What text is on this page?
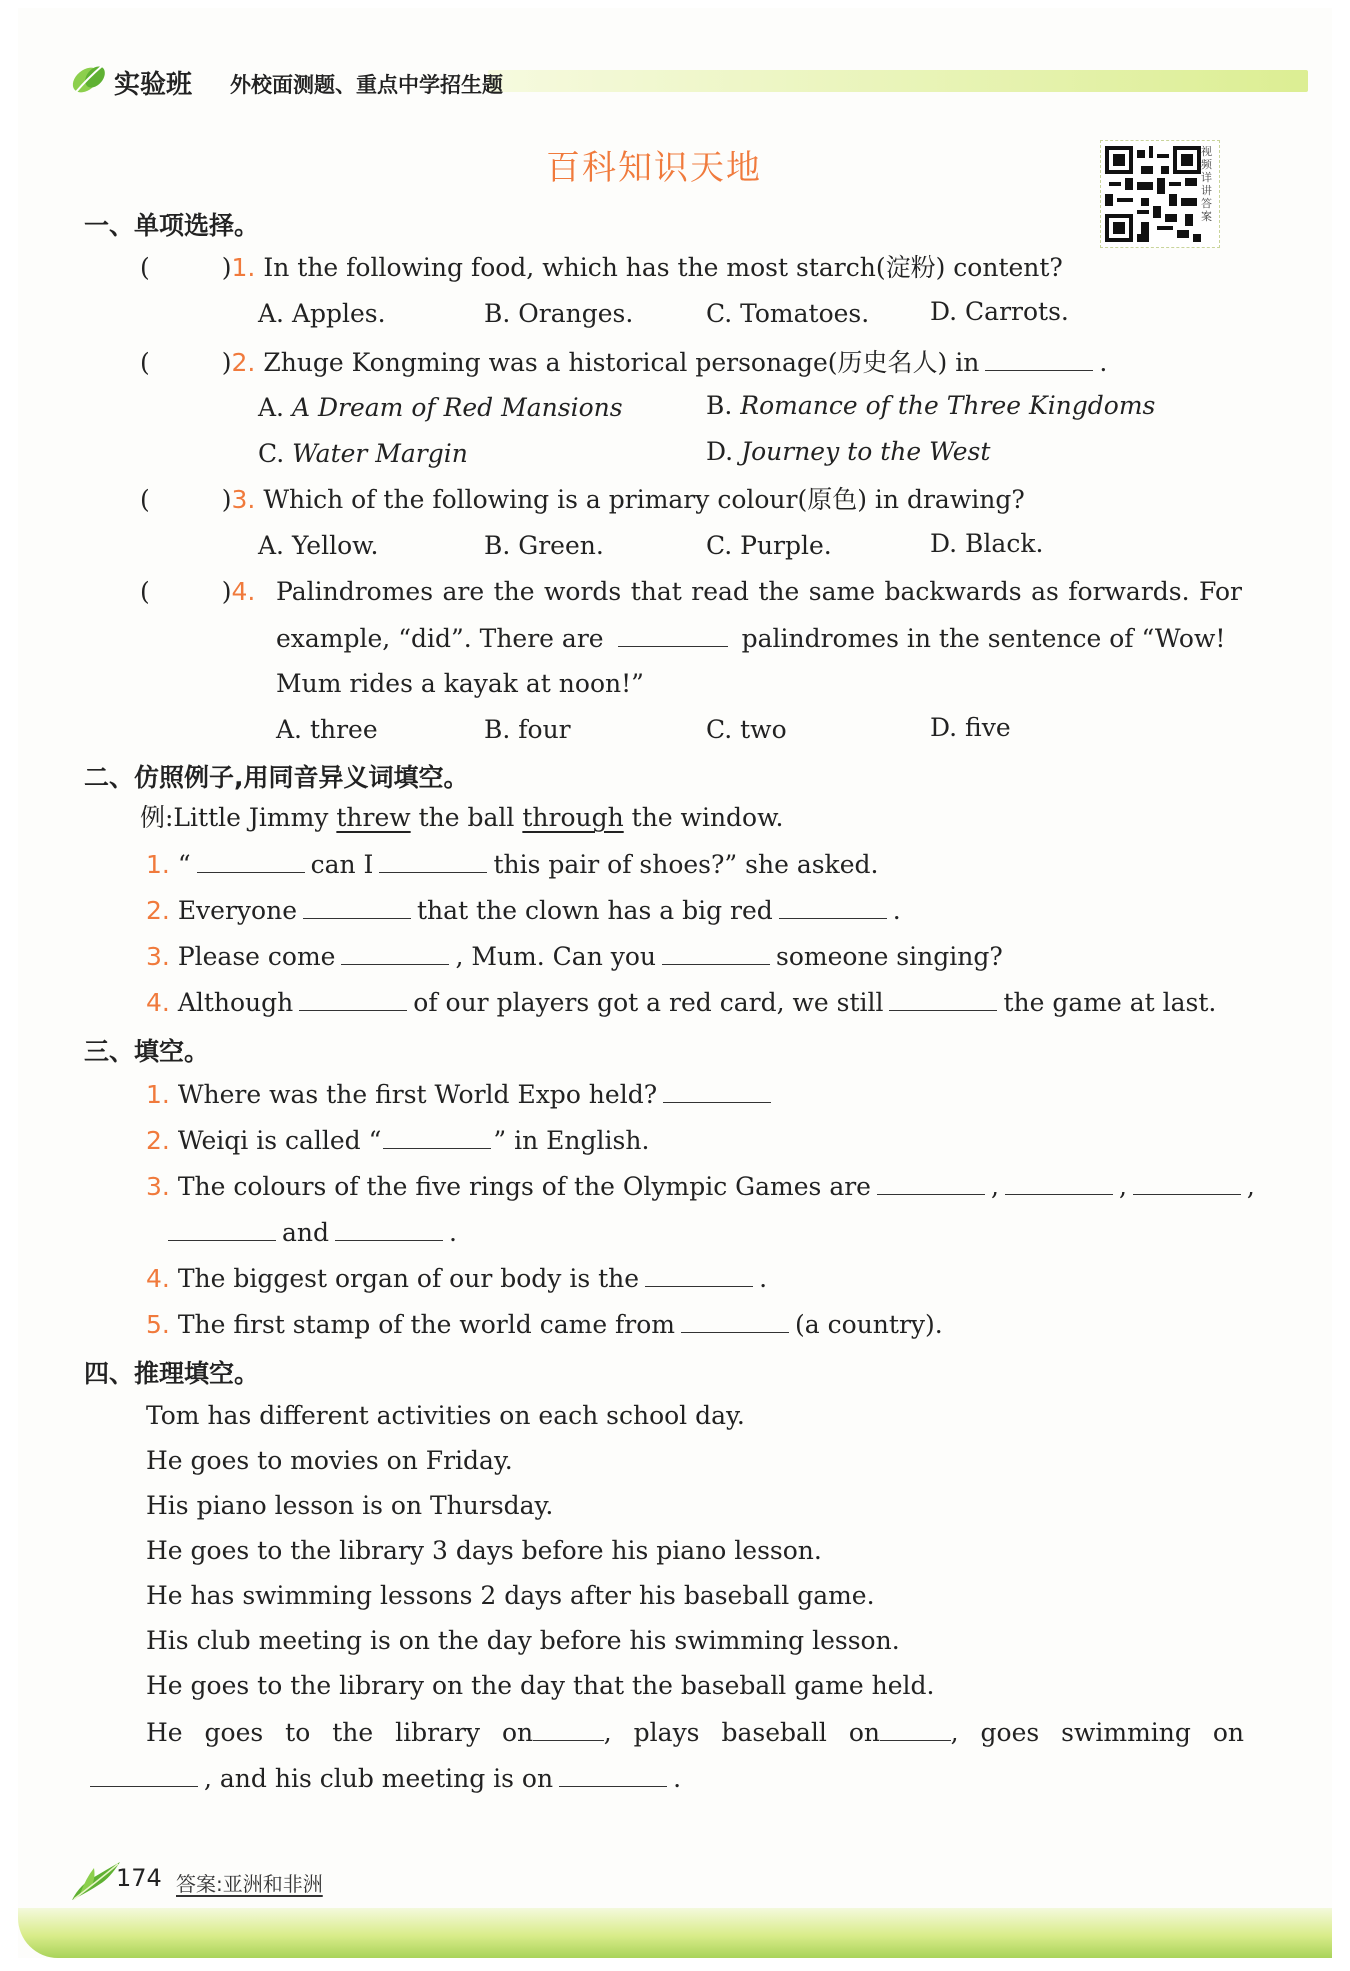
实验班 外校面测题、重点中学招生题
百科知识天地	视频详讲答案
一、单项选择。
(	)1. In the following food, which has the most starch(淀粉) content?
A. Apples.	B. Oranges.	C. Tomatoes. D. Carrots.
(	)2. Zhuge Kongming was a historical personage(历史名人) in	.
A. A Dream of Red Mansions	B. Romance of the Three Kingdoms
C. Water Margin	D. Journey to the West
(	)3. Which of the following is a primary colour(原色) in drawing?
A. Yellow.	B. Green.	C. Purple.	D. Black.
(	)4. Palindromes are the words that read the same backwards as forwards. For
example, “did”. There are	palindromes in the sentence of “Wow!
Mum rides a kayak at noon!”
A. three	B. four	C. two	D. five
二、仿照例子,用同音异义词填空。
例:Little Jimmy threw the ball through the window.
1. “	can I	this pair of shoes?” she asked.
2. Everyone	that the clown has a big red	.
3. Please come	, Mum. Can you	someone singing?
4. Although	of our players got a red card, we still	the game at last.
三、填空。
1. Where was the first World Expo held?
2. Weiqi is called “	” in English.
3. The colours of the five rings of the Olympic Games are	,	,	,
and	.
4. The biggest organ of our body is the	.
5. The first stamp of the world came from	(a country).
四、推理填空。
Tom has different activities on each school day.
He goes to movies on Friday.
His piano lesson is on Thursday.
He goes to the library 3 days before his piano lesson.
He has swimming lessons 2 days after his baseball game.
His club meeting is on the day before his swimming lesson.
He goes to the library on the day that the baseball game held.
He goes to the library on	, plays baseball on	, goes swimming on
, and his club meeting is on	.
174 答案:亚洲和非洲
